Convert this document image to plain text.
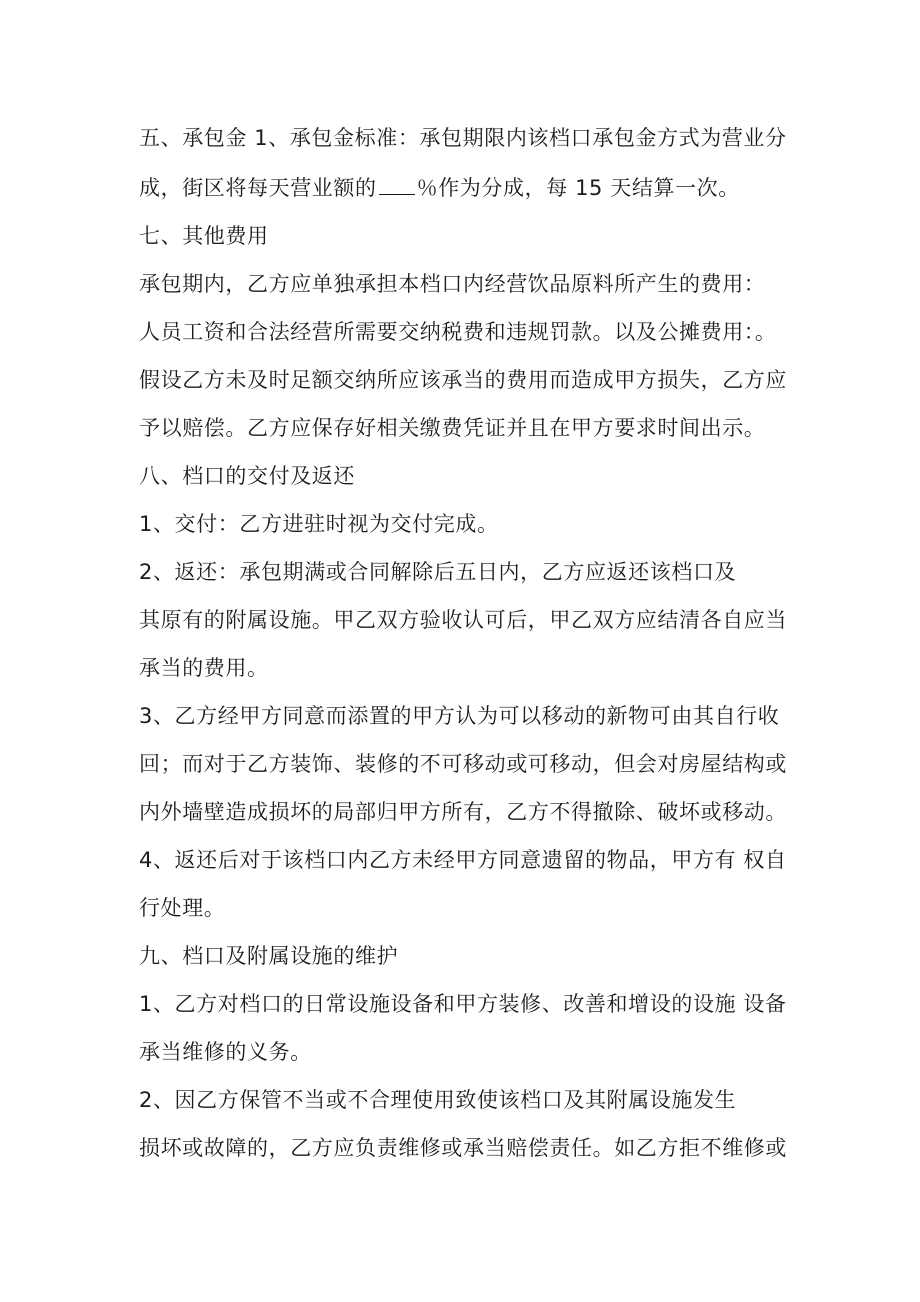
五、承包金 1、承包金标准：承包期限内该档口承包金方式为营业分

成，街区将每天营业额的 ％作为分成，每 15 天结算一次。

七、其他费用

承包期内，乙方应单独承担本档口内经营饮品原料所产生的费用：

人员工资和合法经营所需要交纳税费和违规罚款。以及公摊费用：。

假设乙方未及时足额交纳所应该承当的费用而造成甲方损失，乙方应

予以赔偿。乙方应保存好相关缴费凭证并且在甲方要求时间出示。

八、档口的交付及返还

1、交付：乙方进驻时视为交付完成。

2、返还：承包期满或合同解除后五日内，乙方应返还该档口及

其原有的附属设施。甲乙双方验收认可后，甲乙双方应结清各自应当

承当的费用。

3、乙方经甲方同意而添置的甲方认为可以移动的新物可由其自行收

回；而对于乙方装饰、装修的不可移动或可移动，但会对房屋结构或

内外墙壁造成损坏的局部归甲方所有，乙方不得撤除、破坏或移动。

4、返还后对于该档口内乙方未经甲方同意遗留的物品，甲方有 权自

行处理。

九、档口及附属设施的维护

1、乙方对档口的日常设施设备和甲方装修、改善和增设的设施 设备

承当维修的义务。

2、因乙方保管不当或不合理使用致使该档口及其附属设施发生

损坏或故障的，乙方应负责维修或承当赔偿责任。如乙方拒不维修或
